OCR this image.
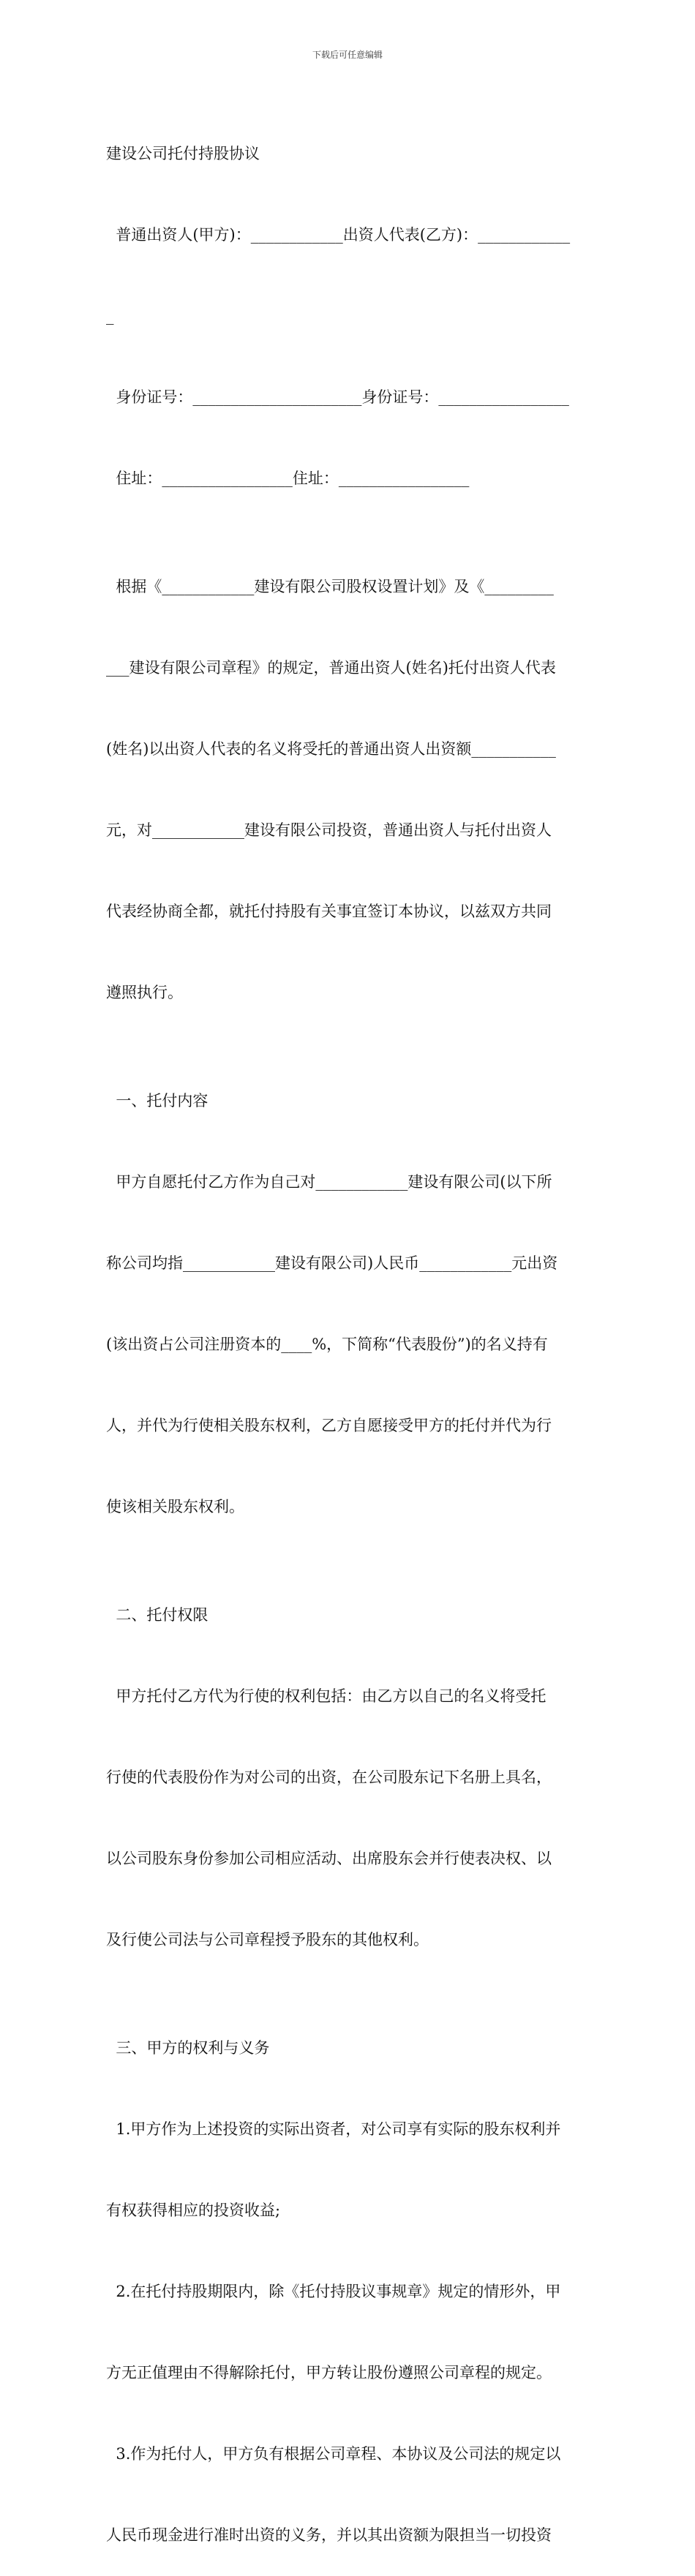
下载后可任意编辑

建设公司托付持股协议

普通出资人(甲方)：____________出资人代表(乙方)：____________

_

身份证号：______________________身份证号：_________________

住址：_________________住址：_________________

根据《____________建设有限公司股权设置计划》及《_________

___建设有限公司章程》的规定，普通出资人(姓名)托付出资人代表

(姓名)以出资人代表的名义将受托的普通出资人出资额___________

元，对____________建设有限公司投资，普通出资人与托付出资人

代表经协商全都，就托付持股有关事宜签订本协议，以兹双方共同

遵照执行。

一、托付内容

甲方自愿托付乙方作为自己对____________建设有限公司(以下所

称公司均指____________建设有限公司)人民币____________元出资

(该出资占公司注册资本的____%，下简称“代表股份”)的名义持有

人，并代为行使相关股东权利，乙方自愿接受甲方的托付并代为行

使该相关股东权利。

二、托付权限

甲方托付乙方代为行使的权利包括：由乙方以自己的名义将受托

行使的代表股份作为对公司的出资，在公司股东记下名册上具名，

以公司股东身份参加公司相应活动、出席股东会并行使表决权、以

及行使公司法与公司章程授予股东的其他权利。

三、甲方的权利与义务

1.甲方作为上述投资的实际出资者，对公司享有实际的股东权利并

有权获得相应的投资收益;

2.在托付持股期限内，除《托付持股议事规章》规定的情形外，甲

方无正值理由不得解除托付，甲方转让股份遵照公司章程的规定。

3.作为托付人，甲方负有根据公司章程、本协议及公司法的规定以

人民币现金进行准时出资的义务，并以其出资额为限担当一切投资
